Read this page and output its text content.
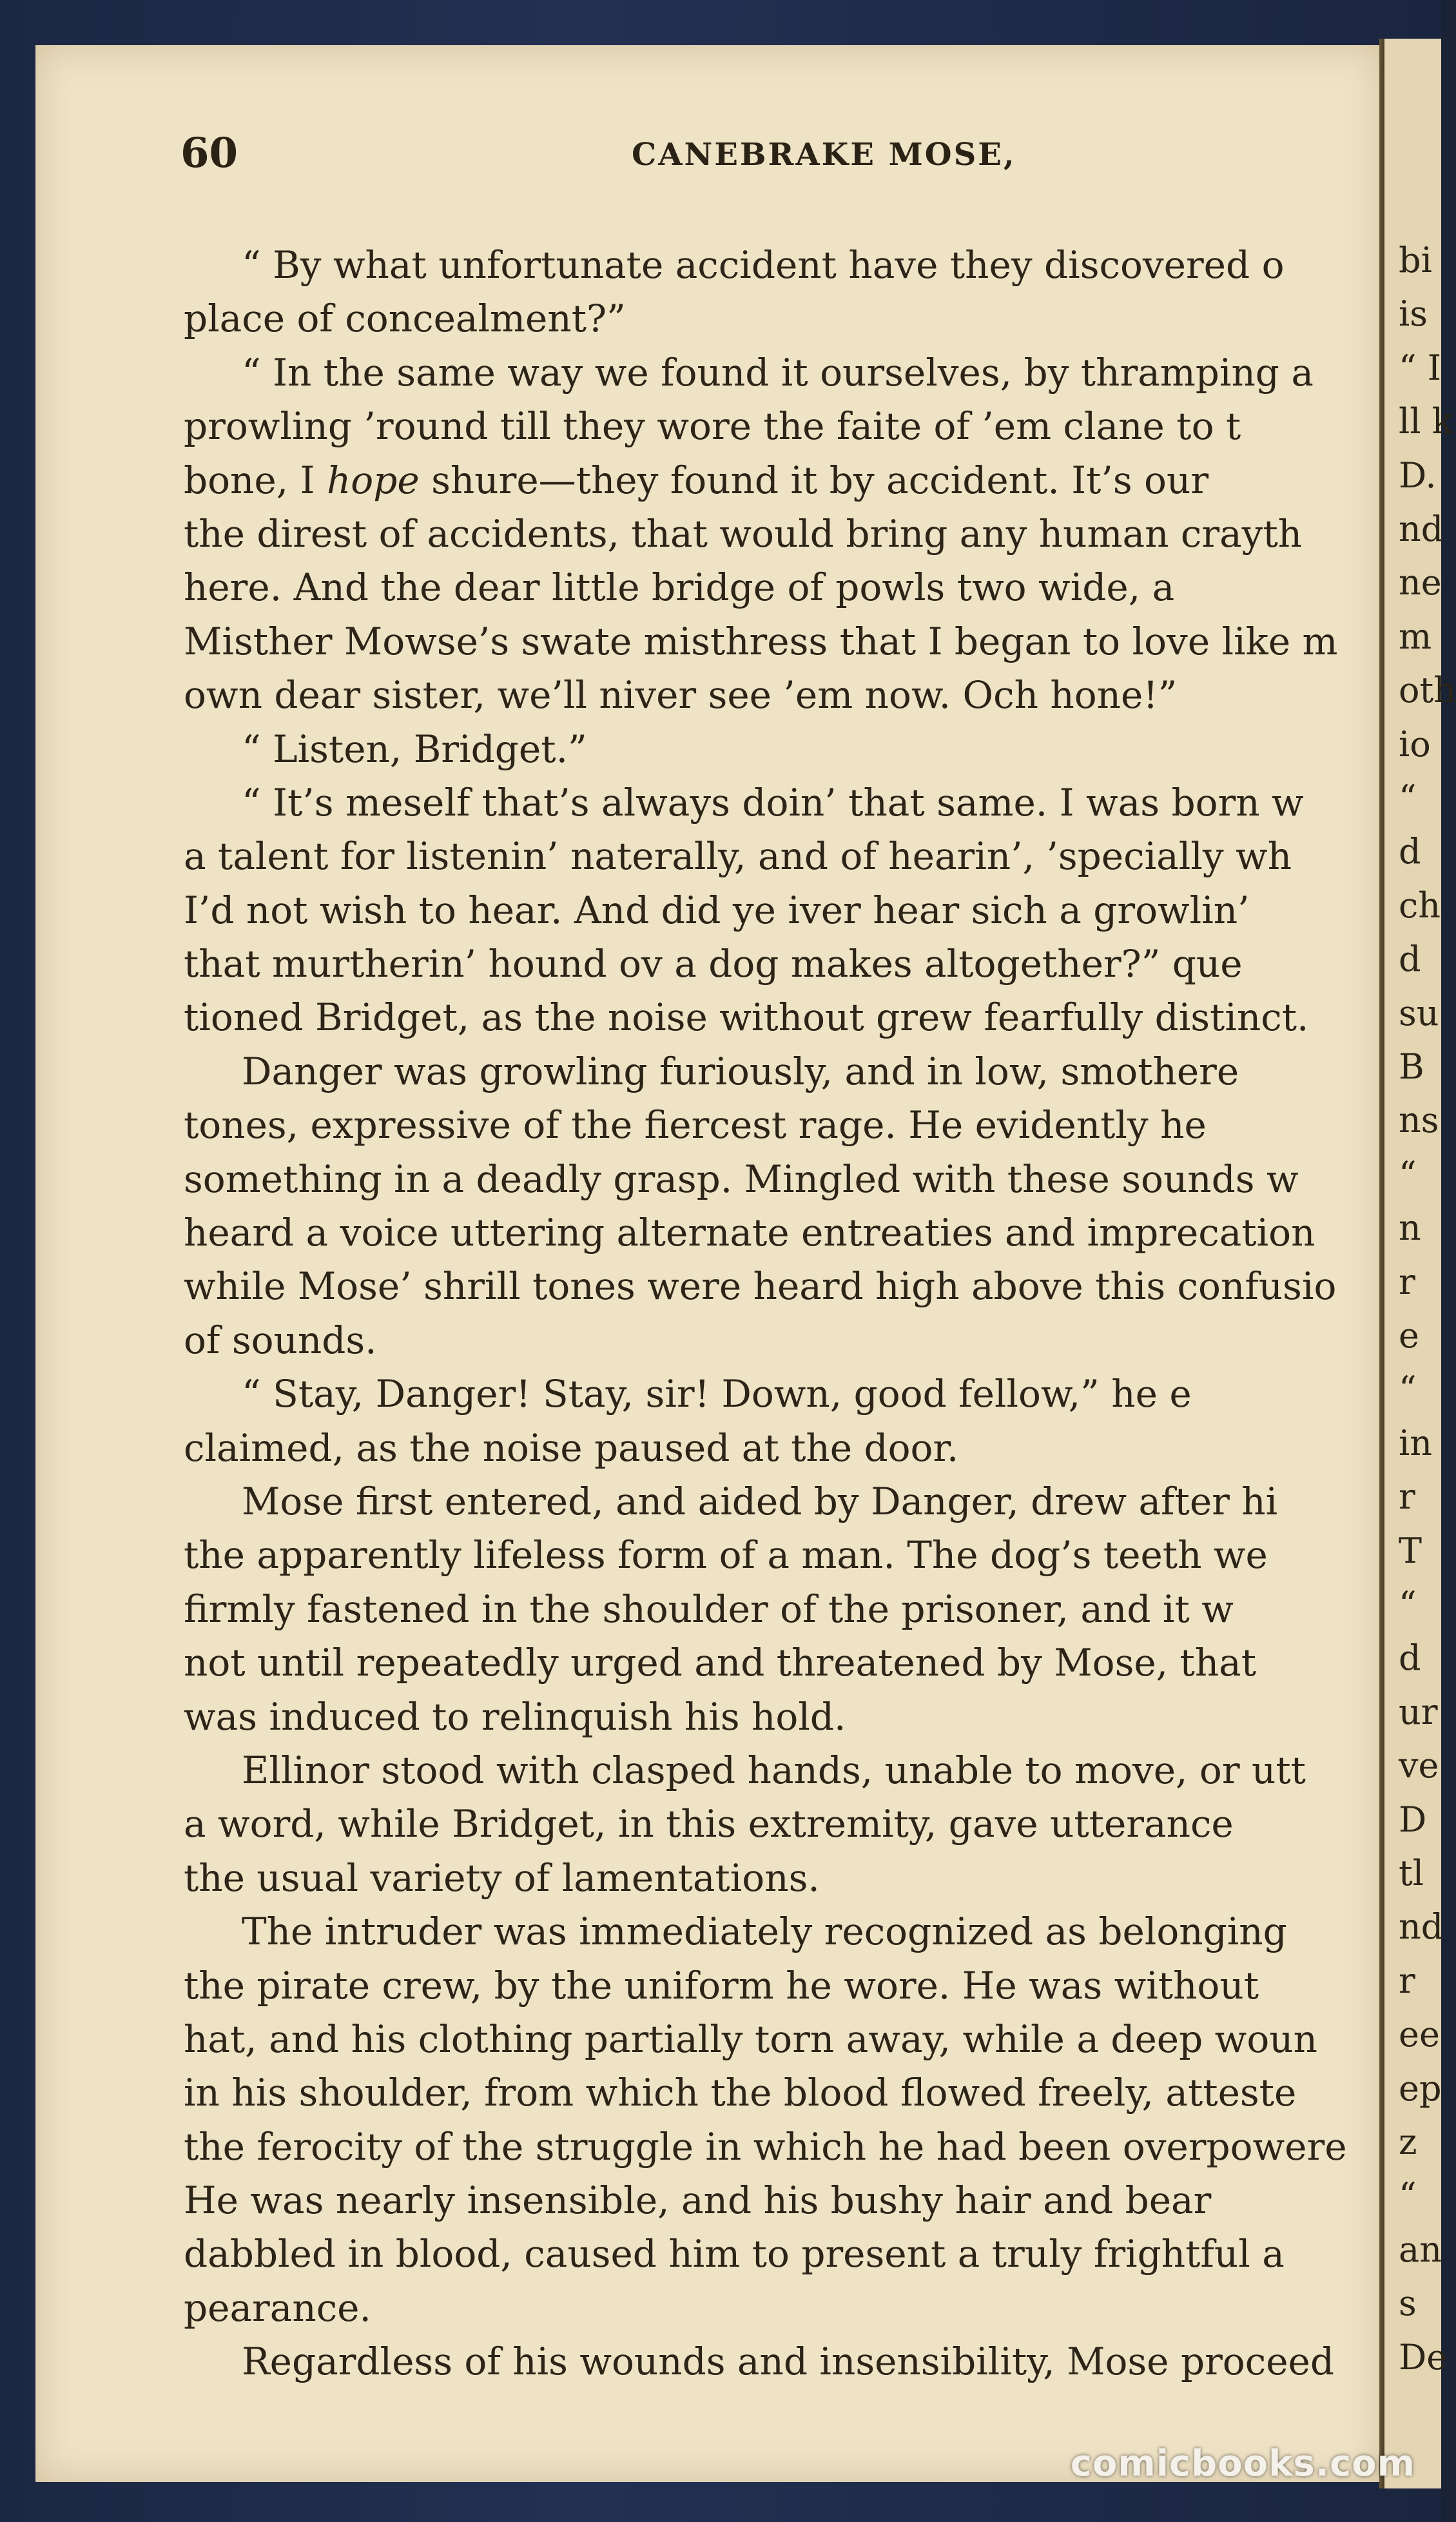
bi
is
“ I
ll k
D.
nd
ne
m
oth
io
“
d
ch
d
su
B
ns
“
n
r
e
“
in
r
T
“
d
ur
ve
D
tl
nd
r
ee
ep
z
“
an
s
De
60	CANEBRAKE MOSE,
“ By what unfortunate accident have they discovered o
place of concealment?”
“ In the same way we found it ourselves, by thramping a
prowling ’round till they wore the faite of ’em clane to t
bone, I hope shure—they found it by accident. It’s our
the direst of accidents, that would bring any human crayth
here. And the dear little bridge of powls two wide, a
Misther Mowse’s swate misthress that I began to love like m
own dear sister, we’ll niver see ’em now. Och hone!”
“ Listen, Bridget.”
“ It’s meself that’s always doin’ that same. I was born w
a talent for listenin’ naterally, and of hearin’, ’specially wh
I’d not wish to hear. And did ye iver hear sich a growlin’
that murtherin’ hound ov a dog makes altogether?” que
tioned Bridget, as the noise without grew fearfully distinct.
Danger was growling furiously, and in low, smothere
tones, expressive of the fiercest rage. He evidently he
something in a deadly grasp. Mingled with these sounds w
heard a voice uttering alternate entreaties and imprecation
while Mose’ shrill tones were heard high above this confusio
of sounds.
“ Stay, Danger! Stay, sir! Down, good fellow,” he e
claimed, as the noise paused at the door.
Mose first entered, and aided by Danger, drew after hi
the apparently lifeless form of a man. The dog’s teeth we
firmly fastened in the shoulder of the prisoner, and it w
not until repeatedly urged and threatened by Mose, that
was induced to relinquish his hold.
Ellinor stood with clasped hands, unable to move, or utt
a word, while Bridget, in this extremity, gave utterance
the usual variety of lamentations.
The intruder was immediately recognized as belonging
the pirate crew, by the uniform he wore. He was without
hat, and his clothing partially torn away, while a deep woun
in his shoulder, from which the blood flowed freely, atteste
the ferocity of the struggle in which he had been overpowere
He was nearly insensible, and his bushy hair and bear
dabbled in blood, caused him to present a truly frightful a
pearance.
Regardless of his wounds and insensibility, Mose proceed
comicbooks.com
